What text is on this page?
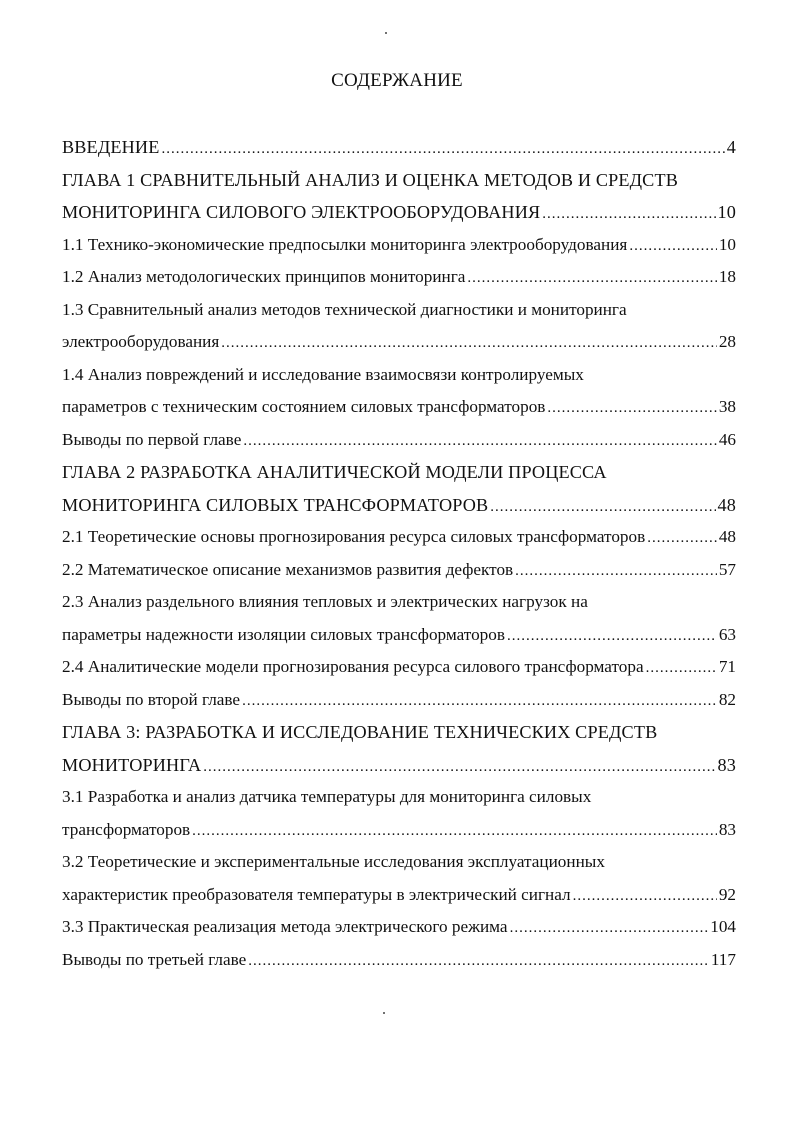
СОДЕРЖАНИЕ
ВВЕДЕНИЕ .....	4
ГЛАВА 1 СРАВНИТЕЛЬНЫЙ АНАЛИЗ И ОЦЕНКА МЕТОДОВ И СРЕДСТВ
МОНИТОРИНГА СИЛОВОГО ЭЛЕКТРООБОРУДОВАНИЯ .....	10
1.1 Технико-экономические предпосылки мониторинга электрооборудования .....	10
1.2 Анализ методологических принципов мониторинга .....	18
1.3 Сравнительный анализ методов технической диагностики и мониторинга
электрооборудования .....	28
1.4 Анализ повреждений и исследование взаимосвязи контролируемых
параметров с техническим состоянием силовых трансформаторов .....	38
Выводы по первой главе .....	46
ГЛАВА 2 РАЗРАБОТКА АНАЛИТИЧЕСКОЙ МОДЕЛИ ПРОЦЕССА
МОНИТОРИНГА СИЛОВЫХ ТРАНСФОРМАТОРОВ .....	48
2.1 Теоретические основы прогнозирования ресурса силовых трансформаторов .....	48
2.2 Математическое описание механизмов развития дефектов .....	57
2.3 Анализ раздельного влияния тепловых и электрических нагрузок на
параметры надежности изоляции силовых трансформаторов .....	63
2.4 Аналитические модели прогнозирования ресурса силового трансформатора .....	71
Выводы по второй главе .....	82
ГЛАВА 3: РАЗРАБОТКА И ИССЛЕДОВАНИЕ ТЕХНИЧЕСКИХ СРЕДСТВ
МОНИТОРИНГА .....	83
3.1 Разработка и анализ датчика температуры для мониторинга силовых
трансформаторов .....	83
3.2 Теоретические и экспериментальные исследования эксплуатационных
характеристик преобразователя температуры в электрический сигнал .....	92
3.3 Практическая реализация метода электрического режима .....	104
Выводы по третьей главе .....	117
